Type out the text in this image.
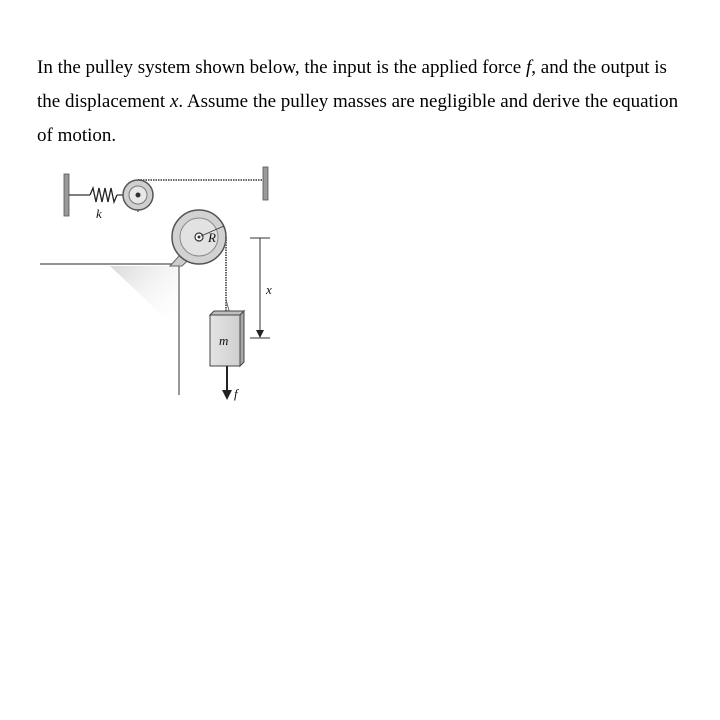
In the pulley system shown below, the input is the applied force f, and the output is the displacement x. Assume the pulley masses are negligible and derive the equation of motion.

k
R
m
f
x
